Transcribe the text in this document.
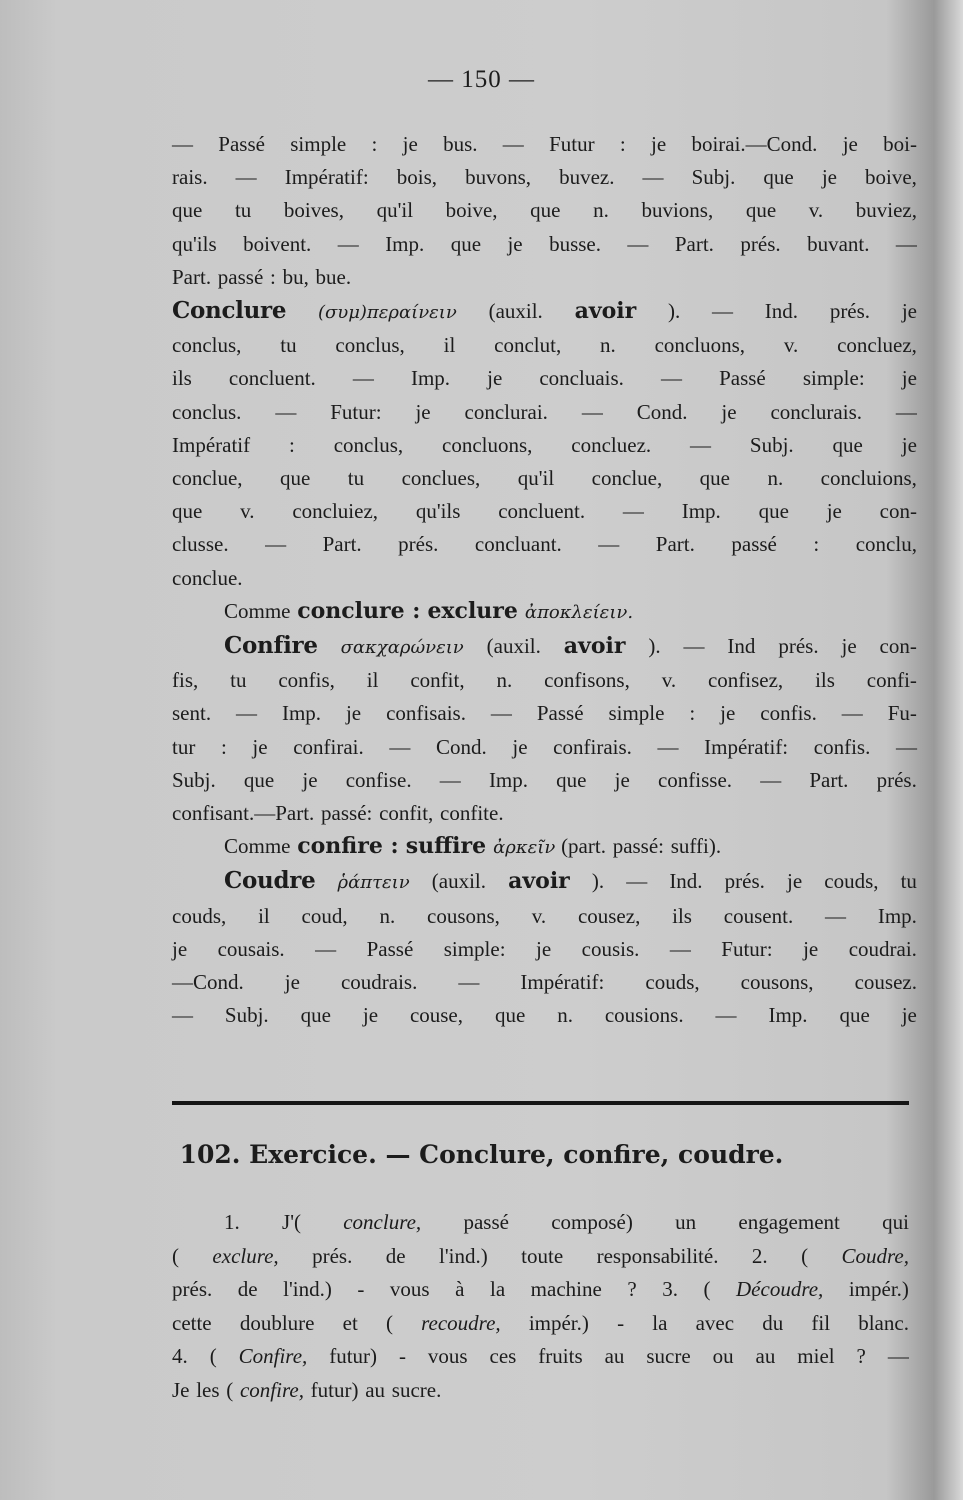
— 150 —
— Passé simple : je bus. — Futur : je boirai.—Cond. je boi-
rais. — Impératif: bois, buvons, buvez. — Subj. que je boive,
que tu boives, qu'il boive, que n. buvions, que v. buviez,
qu'ils boivent. — Imp. que je busse. — Part. prés. buvant. —
Part. passé : bu, bue.
Conclure (συμ)περαίνειν (auxil. avoir ). — Ind. prés. je
conclus, tu conclus, il conclut, n. concluons, v. concluez,
ils concluent. — Imp. je concluais. — Passé simple: je
conclus. — Futur: je conclurai. — Cond. je conclurais. —
Impératif : conclus, concluons, concluez. — Subj. que je
conclue, que tu conclues, qu'il conclue, que n. concluions,
que v. concluiez, qu'ils concluent. — Imp. que je con-
clusse. — Part. prés. concluant. — Part. passé : conclu,
conclue.
Comme conclure : exclure ἀποκλείειν.
Confire σακχαρώνειν (auxil. avoir ). — Ind prés. je con-
fis, tu confis, il confit, n. confisons, v. confisez, ils confi-
sent. — Imp. je confisais. — Passé simple : je confis. — Fu-
tur : je confirai. — Cond. je confirais. — Impératif: confis. —
Subj. que je confise. — Imp. que je confisse. — Part. prés.
confisant.—Part. passé: confit, confite.
Comme confire : suffire ἀρκεῖν (part. passé: suffi).
Coudre ῥάπτειν (auxil. avoir ). — Ind. prés. je couds, tu
couds, il coud, n. cousons, v. cousez, ils cousent. — Imp.
je cousais. — Passé simple: je cousis. — Futur: je coudrai.
—Cond. je coudrais. — Impératif: couds, cousons, cousez.
— Subj. que je couse, que n. cousions. — Imp. que je
102. Exercice. — Conclure, confire, coudre.
1. J'( conclure, passé composé) un engagement qui
( exclure, prés. de l'ind.) toute responsabilité. 2. ( Coudre,
prés. de l'ind.) - vous à la machine ? 3. ( Découdre, impér.)
cette doublure et ( recoudre, impér.) - la avec du fil blanc.
4. ( Confire, futur) - vous ces fruits au sucre ou au miel ? —
Je les ( confire, futur) au sucre.
